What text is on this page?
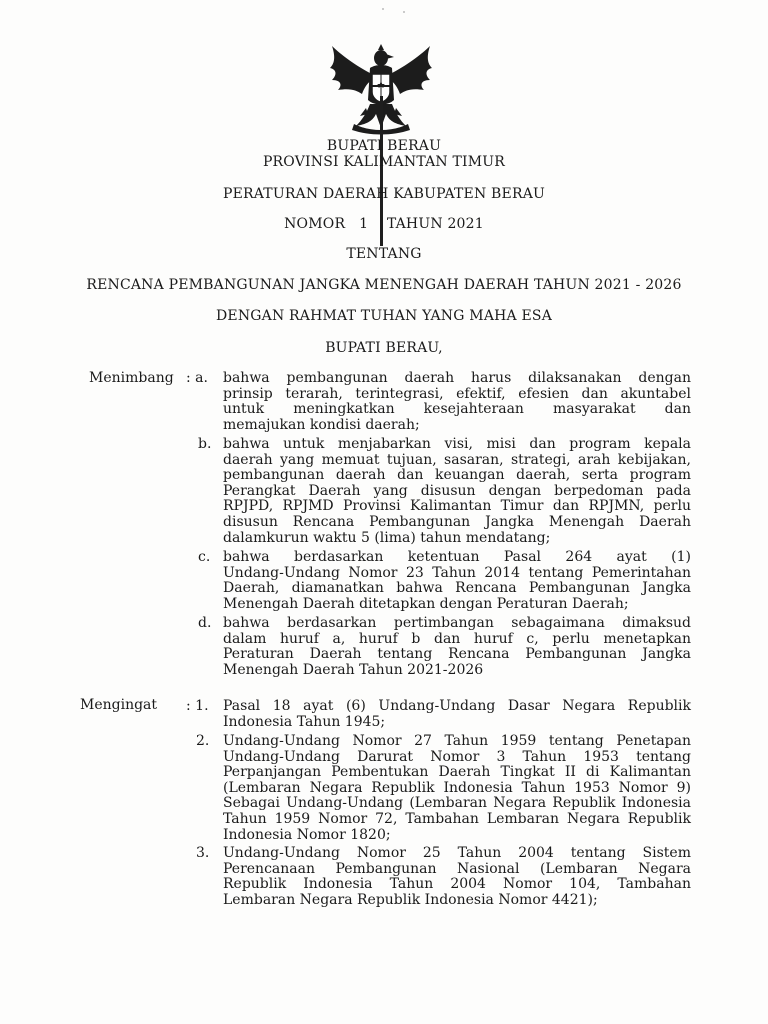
BUPATI BERAU
PROVINSI KALIMANTAN TIMUR
PERATURAN DAERAH KABUPATEN BERAU
NOMOR   1    TAHUN 2021
TENTANG
RENCANA PEMBANGUNAN JANGKA MENENGAH DAERAH TAHUN 2021 - 2026
DENGAN RAHMAT TUHAN YANG MAHA ESA
BUPATI BERAU,
Menimbang : a. bahwa pembangunan daerah harus dilaksanakan dengan
prinsip terarah, terintegrasi, efektif, efesien dan akuntabel
untuk meningkatkan kesejahteraan masyarakat dan
memajukan kondisi daerah;
b. bahwa untuk menjabarkan visi, misi dan program kepala
daerah yang memuat tujuan, sasaran, strategi, arah kebijakan,
pembangunan daerah dan keuangan daerah, serta program
Perangkat Daerah yang disusun dengan berpedoman pada
RPJPD, RPJMD Provinsi Kalimantan Timur dan RPJMN, perlu
disusun Rencana Pembangunan Jangka Menengah Daerah
dalamkurun waktu 5 (lima) tahun mendatang;
c. bahwa berdasarkan ketentuan Pasal 264 ayat (1)
Undang-Undang Nomor 23 Tahun 2014 tentang Pemerintahan
Daerah, diamanatkan bahwa Rencana Pembangunan Jangka
Menengah Daerah ditetapkan dengan Peraturan Daerah;
d. bahwa berdasarkan pertimbangan sebagaimana dimaksud
dalam huruf a, huruf b dan huruf c, perlu menetapkan
Peraturan Daerah tentang Rencana Pembangunan Jangka
Menengah Daerah Tahun 2021-2026
Mengingat : 1. Pasal 18 ayat (6) Undang-Undang Dasar Negara Republik
Indonesia Tahun 1945;
2. Undang-Undang Nomor 27 Tahun 1959 tentang Penetapan
Undang-Undang Darurat Nomor 3 Tahun 1953 tentang
Perpanjangan Pembentukan Daerah Tingkat II di Kalimantan
(Lembaran Negara Republik Indonesia Tahun 1953 Nomor 9)
Sebagai Undang-Undang (Lembaran Negara Republik Indonesia
Tahun 1959 Nomor 72, Tambahan Lembaran Negara Republik
Indonesia Nomor 1820;
3. Undang-Undang Nomor 25 Tahun 2004 tentang Sistem
Perencanaan Pembangunan Nasional (Lembaran Negara
Republik Indonesia Tahun 2004 Nomor 104, Tambahan
Lembaran Negara Republik Indonesia Nomor 4421);
